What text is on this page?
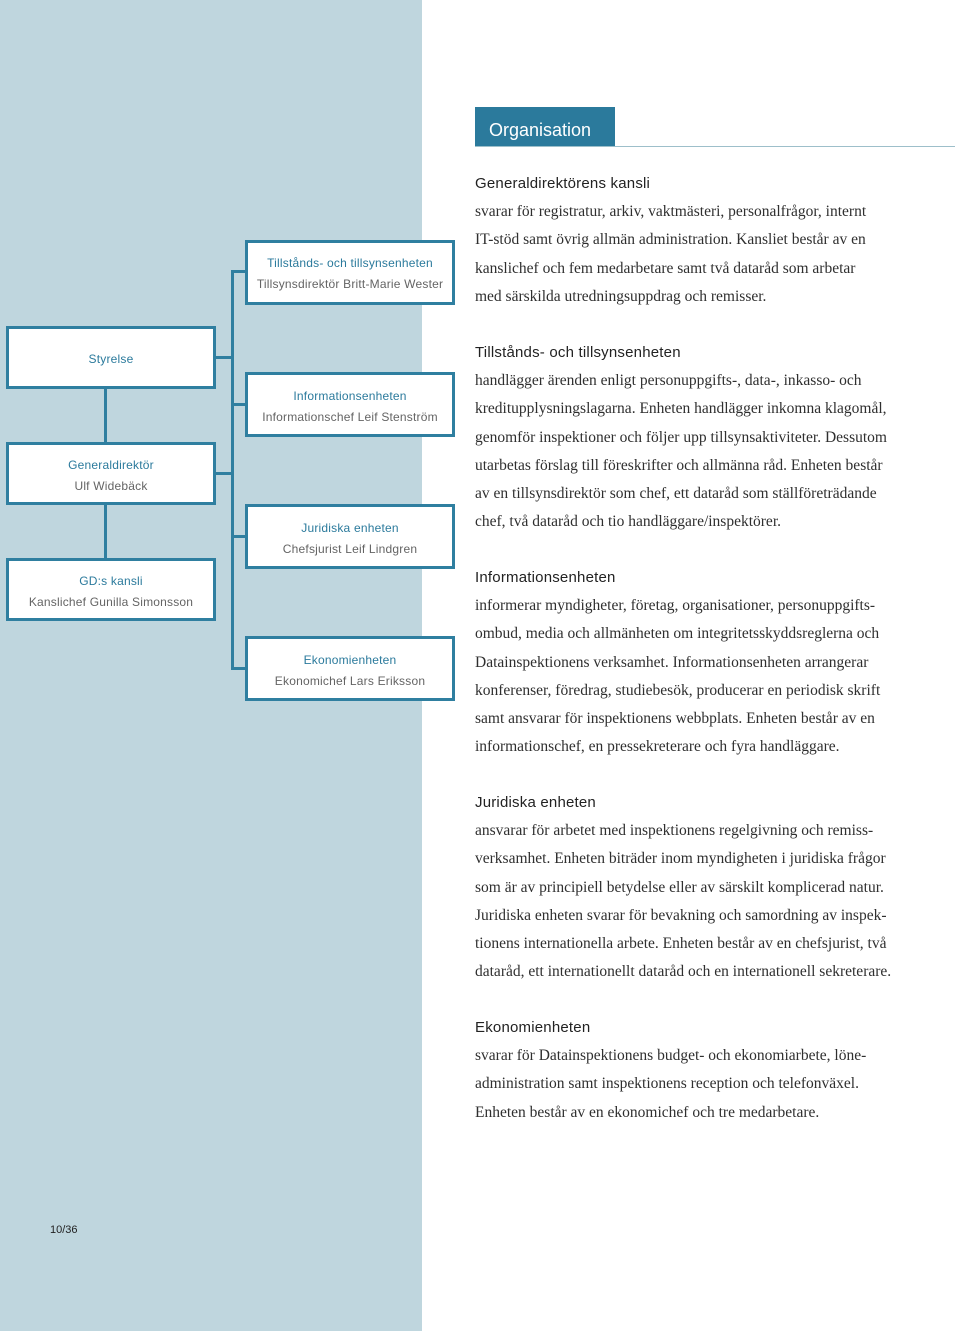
Styrelse
Generaldirektör
Ulf Widebäck
GD:s kansli
Kanslichef Gunilla Simonsson
Tillstånds- och tillsynsenheten
Tillsynsdirektör Britt-Marie Wester
Informationsenheten
Informationschef Leif Stenström
Juridiska enheten
Chefsjurist Leif Lindgren
Ekonomienheten
Ekonomichef Lars Eriksson
Organisation
Generaldirektörens kansli
svarar för registratur, arkiv, vaktmästeri, personalfrågor, internt
IT-stöd samt övrig allmän administration. Kansliet består av en
kanslichef och fem medarbetare samt två dataråd som arbetar
med särskilda utredningsuppdrag och remisser.
Tillstånds- och tillsynsenheten
handlägger ärenden enligt personuppgifts-, data-, inkasso- och
kreditupplysningslagarna. Enheten handlägger inkomna klagomål,
genomför inspektioner och följer upp tillsynsaktiviteter. Dessutom
utarbetas förslag till föreskrifter och allmänna råd. Enheten består
av en tillsynsdirektör som chef, ett dataråd som ställföreträdande
chef, två dataråd och tio handläggare/inspektörer.
Informationsenheten
informerar myndigheter, företag, organisationer, personuppgifts-
ombud, media och allmänheten om integritetsskyddsreglerna och
Datainspektionens verksamhet. Informationsenheten arrangerar
konferenser, föredrag, studiebesök, producerar en periodisk skrift
samt ansvarar för inspektionens webbplats. Enheten består av en
informationschef, en pressekreterare och fyra handläggare.
Juridiska enheten
ansvarar för arbetet med inspektionens regelgivning och remiss-
verksamhet. Enheten biträder inom myndigheten i juridiska frågor
som är av principiell betydelse eller av särskilt komplicerad natur.
Juridiska enheten svarar för bevakning och samordning av inspek-
tionens internationella arbete. Enheten består av en chefsjurist, två
dataråd, ett internationellt dataråd och en internationell sekreterare.
Ekonomienheten
svarar för Datainspektionens budget- och ekonomiarbete, löne-
administration samt inspektionens reception och telefonväxel.
Enheten består av en ekonomichef och tre medarbetare.
10/36
